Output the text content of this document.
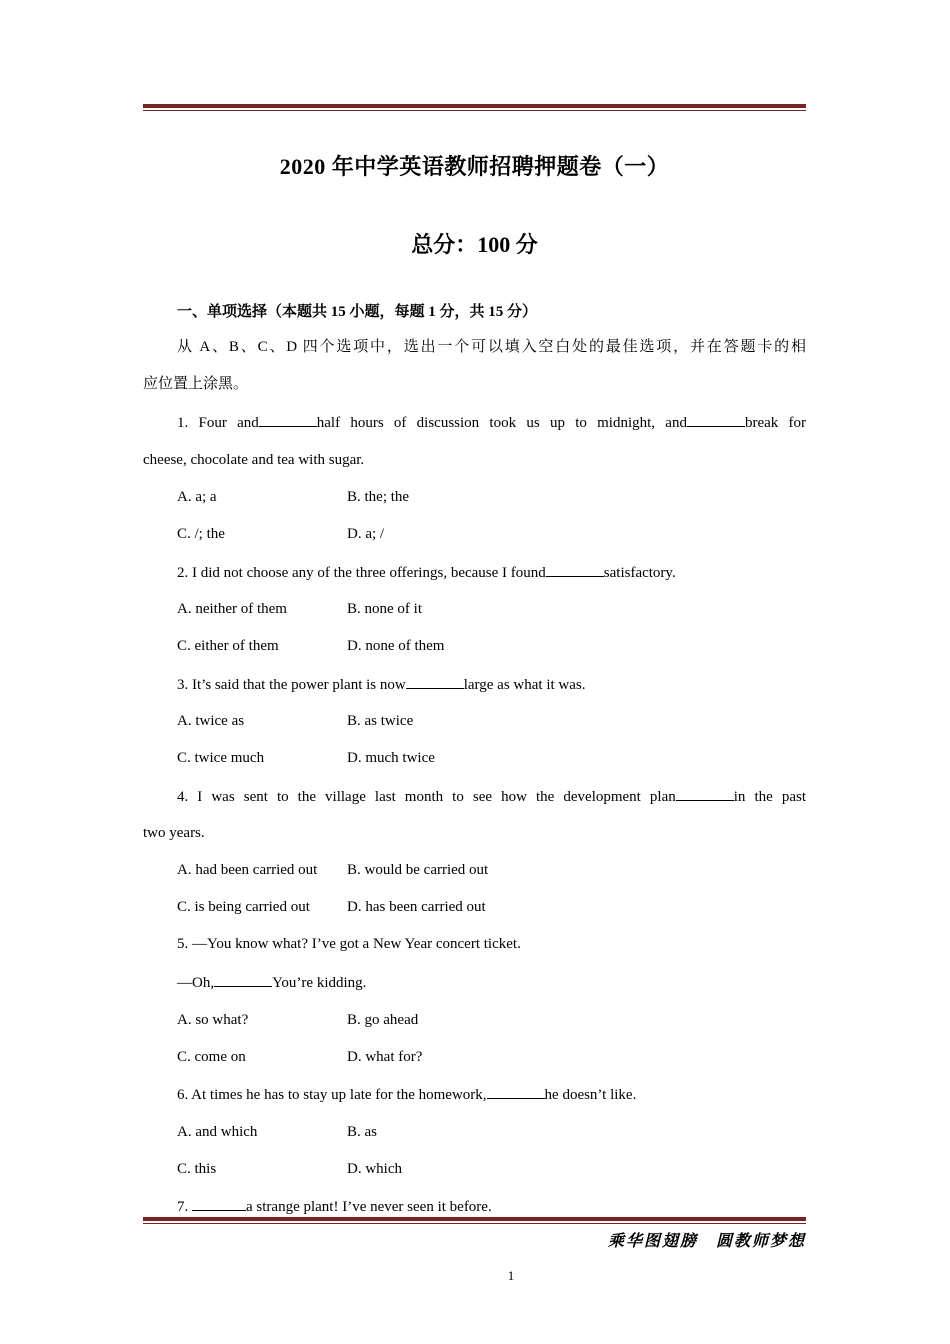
2020 年中学英语教师招聘押题卷（一）
总分：100 分
一、单项选择（本题共 15 小题，每题 1 分，共 15 分）
从 A、B、C、D 四个选项中，选出一个可以填入空白处的最佳选项，并在答题卡的相
应位置上涂黑。
1. Four and	half hours of discussion took us up to midnight, and	break for
cheese, chocolate and tea with sugar.
A. a; a	B. the; the
C. /; the	D. a; /
2. I did not choose any of the three offerings, because I found	satisfactory.
A. neither of them	B. none of it
C. either of them	D. none of them
3. It’s said that the power plant is now	large as what it was.
A. twice as	B. as twice
C. twice much	D. much twice
4. I was sent to the village last month to see how the development plan	in the past
two years.
A. had been carried out B. would be carried out
C. is being carried out D. has been carried out
5. —You know what? I’ve got a New Year concert ticket.
—Oh,	You’re kidding.
A. so what?	B. go ahead
C. come on	D. what for?
6. At times he has to stay up late for the homework,	he doesn’t like.
A. and which	B. as
C. this	D. which
7.	a strange plant! I’ve never seen it before.
乘华图翅膀　圆教师梦想
1
